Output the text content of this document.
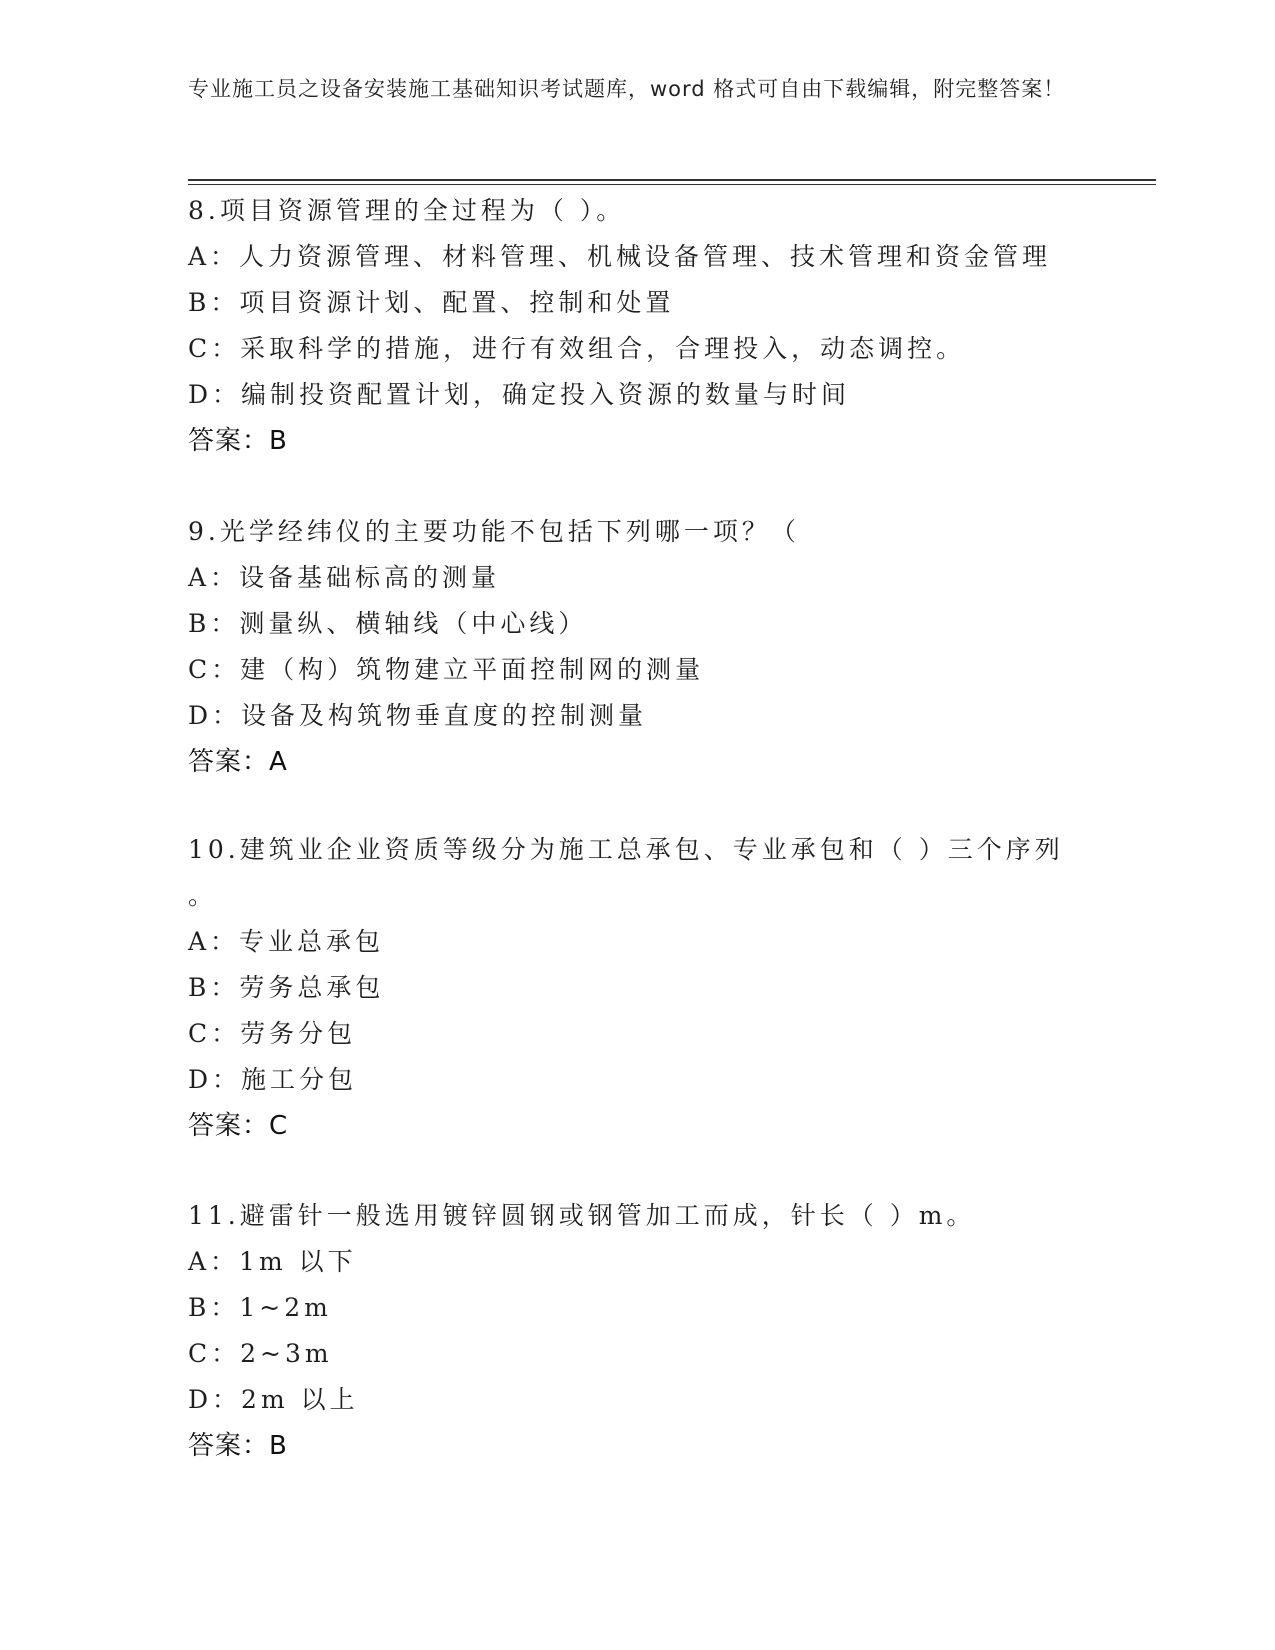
专业施工员之设备安装施工基础知识考试题库，word 格式可自由下载编辑，附完整答案！
8.项目资源管理的全过程为（ ）。
A：人力资源管理、材料管理、机械设备管理、技术管理和资金管理
B：项目资源计划、配置、控制和处置
C：采取科学的措施，进行有效组合，合理投入，动态调控。
D：编制投资配置计划，确定投入资源的数量与时间
答案：B
9.光学经纬仪的主要功能不包括下列哪一项？（
A：设备基础标高的测量
B：测量纵、横轴线（中心线）
C：建（构）筑物建立平面控制网的测量
D：设备及构筑物垂直度的控制测量
答案：A
10.建筑业企业资质等级分为施工总承包、专业承包和（ ）三个序列
。
A：专业总承包
B：劳务总承包
C：劳务分包
D：施工分包
答案：C
11.避雷针一般选用镀锌圆钢或钢管加工而成，针长（ ）m。
A：1m 以下
B：1~2m
C：2~3m
D：2m 以上
答案：B
